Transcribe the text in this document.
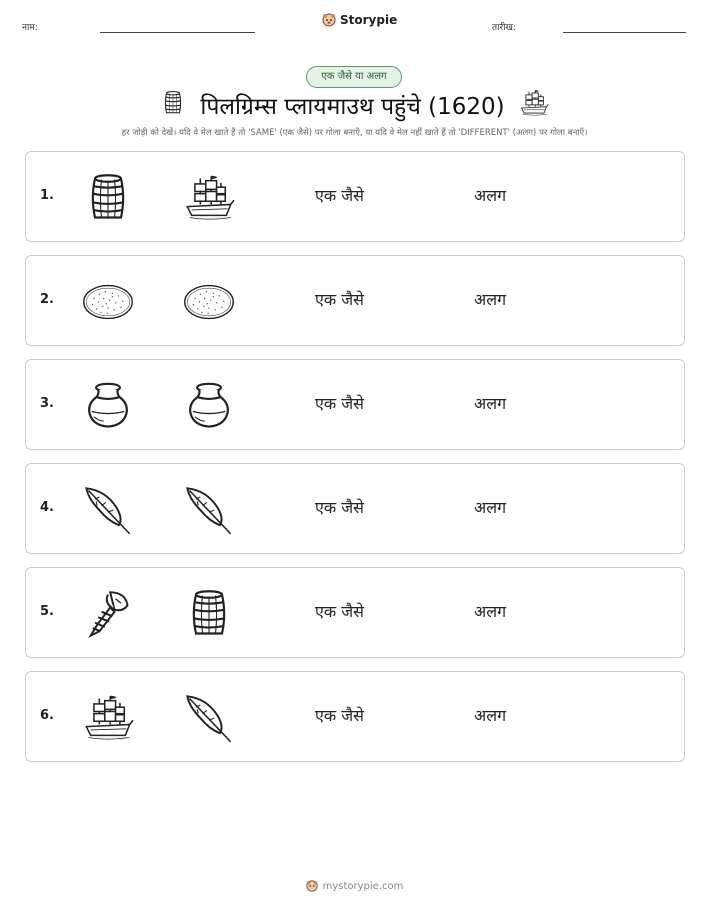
नाम:
Storypie
तारीख:
एक जैसे या अलग
पिलग्रिम्स प्लायमाउथ पहुंचे (1620)
हर जोड़ी को देखें। यदि वे मेल खाते हैं तो 'SAME' (एक जैसे) पर गोला बनाएँ, या यदि वे मेल नहीं खाते हैं तो 'DIFFERENT' (अलग) पर गोला बनाएँ।
1.	एक जैसे	अलग
2.	एक जैसे	अलग
3.	एक जैसे	अलग
4.	एक जैसे	अलग
5.	एक जैसे	अलग
6.	एक जैसे	अलग
mystorypie.com
